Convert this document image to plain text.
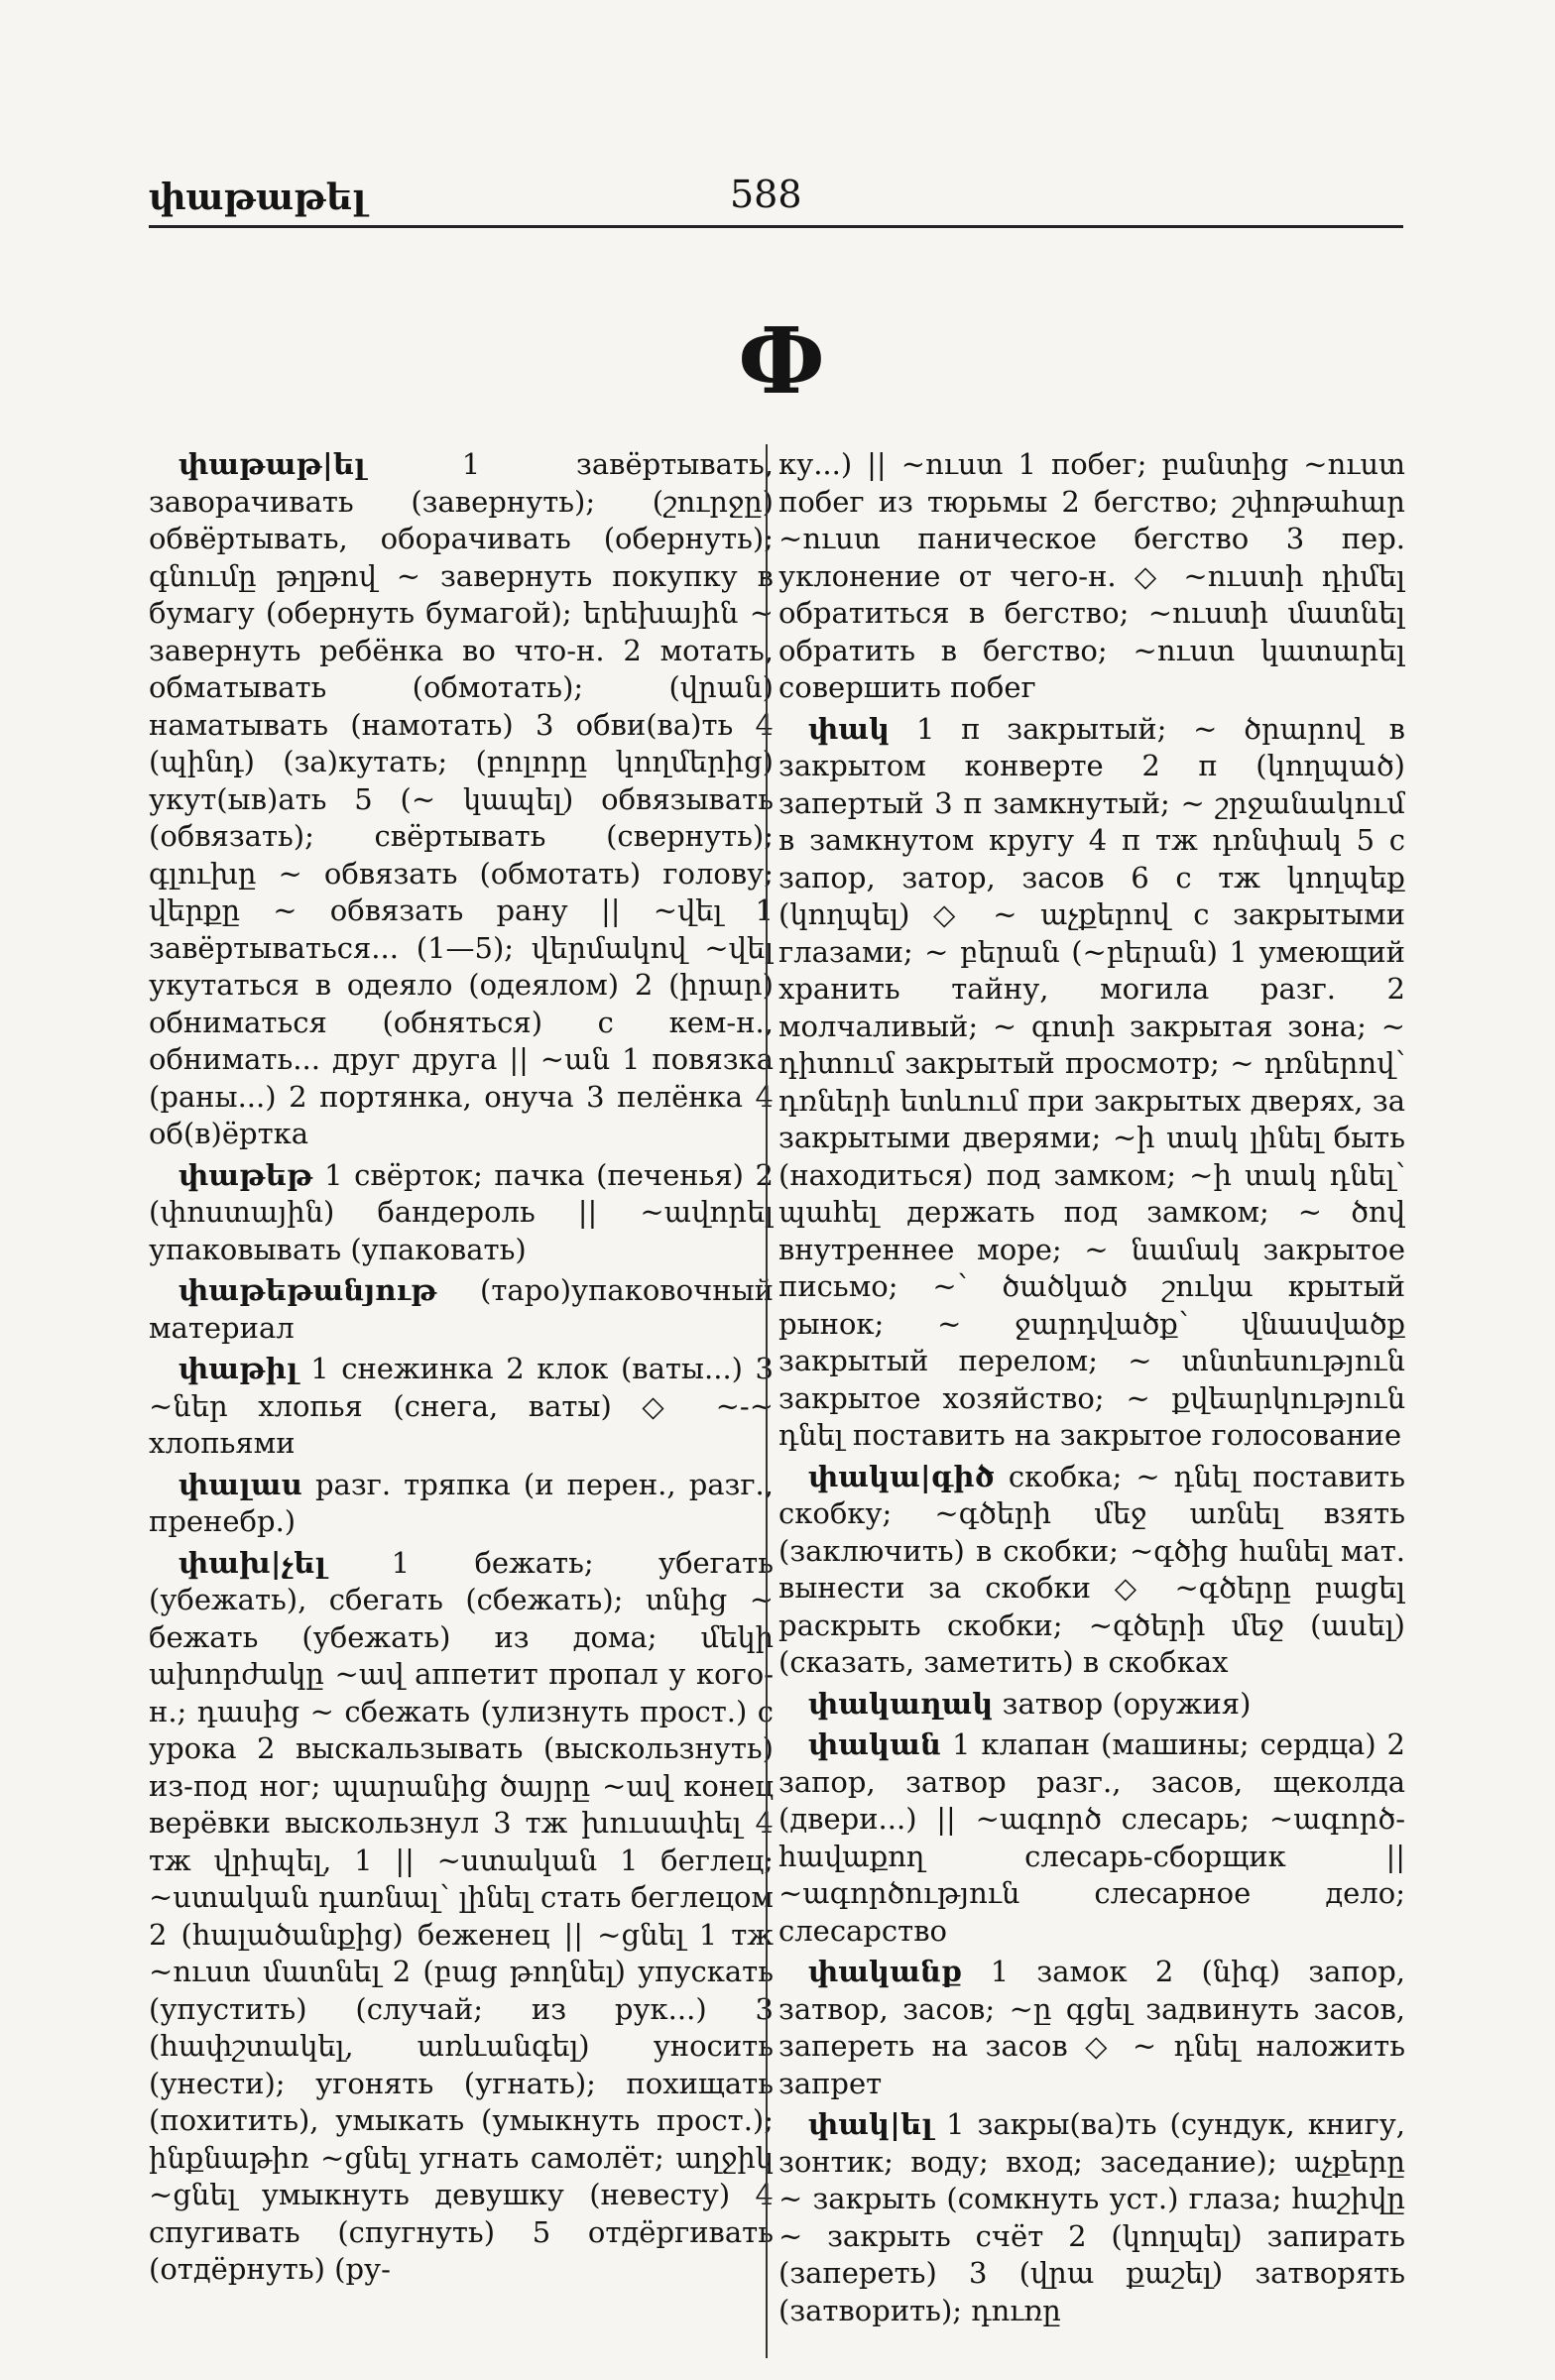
փաթաթել	588
Փ

փաթաթ|ել 1 завёртывать, заворачивать (завернуть); (շուրջը) обвёртывать, оборачивать (обернуть); գնումը թղթով ~ завернуть покупку в бумагу (обернуть бумагой); երեխային ~ завернуть ребёнка во что-н. 2 мотать, обматывать (обмотать); (վրան) наматывать (намотать) 3 обви(ва)ть 4 (պինդ) (за)кутать; (բոլորը կողմերից) укут(ыв)ать 5 (~ կապել) обвязывать (обвязать); свёртывать (свернуть); գլուխը ~ обвязать (обмотать) голову; վերքը ~ обвязать рану || ~վել 1 завёртываться... (1—5); վերմակով ~վել укутаться в одеяло (одеялом) 2 (իրար) обниматься (обняться) с кем-н., обнимать... друг друга || ~ան 1 повязка (раны...) 2 портянка, онуча 3 пелёнка 4 об(в)ёртка

փաթեթ 1 свёрток; пачка (печенья) 2 (փոստային) бандероль || ~ավորել упаковывать (упаковать)

փաթեթանյութ (таро)упаковочный материал

փաթիլ 1 снежинка 2 клок (ваты...) 3 ~ներ хлопья (снега, ваты) ◇ ~-~ хлопьями

փալաս разг. тряпка (и перен., разг., пренебр.)

փախ|չել 1 бежать; убегать (убежать), сбегать (сбежать); տնից ~ бежать (убежать) из дома; մեկի ախորժակը ~ավ аппетит пропал у кого-н.; դասից ~ сбежать (улизнуть прост.) с урока 2 выскальзывать (выскользнуть) из-под ног; պարանից ծայրը ~ավ конец верёвки выскользнул 3 тж խուսափել 4 тж վրիպել, 1 || ~ստական 1 беглец; ~ստական դառնալ՝ լինել стать беглецом 2 (հալածանքից) беженец || ~ցնել 1 тж ~ուստ մատնել 2 (բաց թողնել) упускать (упустить) (случай; из рук...) 3 (հափշտակել, առևանգել) уносить (унести); угонять (угнать); похищать (похитить), умыкать (умыкнуть прост.); ինքնաթիռ ~ցնել угнать самолёт; աղջիկ ~ցնել умыкнуть девушку (невесту) 4 спугивать (спугнуть) 5 отдёргивать (отдёрнуть) (ру-

ку...) || ~ուստ 1 побег; բանտից ~ուստ побег из тюрьмы 2 бегство; շփոթահար ~ուստ паническое бегство 3 пер. уклонение от чего-н. ◇ ~ուստի դիմել обратиться в бегство; ~ուստի մատնել обратить в бегство; ~ուստ կատարել совершить побег

փակ 1 п закрытый; ~ ծրարով в закрытом конверте 2 п (կողպած) запертый 3 п замкнутый; ~ շրջանակում в замкнутом кругу 4 п тж դռնփակ 5 с запор, затор, засов 6 с тж կողպեք (կողպել) ◇ ~ աչքերով с закрытыми глазами; ~ բերան (~բերան) 1 умеющий хранить тайну, могила разг. 2 молчаливый; ~ գոտի закрытая зона; ~ դիտում закрытый просмотр; ~ դռներով՝ դռների ետևում при закрытых дверях, за закрытыми дверями; ~ի տակ լինել быть (находиться) под замком; ~ի տակ դնել՝ պահել держать под замком; ~ ծով внутреннее море; ~ նամակ закрытое письмо; ~՝ ծածկած շուկա крытый рынок; ~ ջարդվածք՝ վնասվածք закрытый перелом; ~ տնտեսություն закрытое хозяйство; ~ քվեարկություն դնել поставить на закрытое голосование

փակա|գիծ скобка; ~ դնել поставить скобку; ~գծերի մեջ առնել взять (заключить) в скобки; ~գծից հանել мат. вынести за скобки ◇ ~գծերը բացել раскрыть скобки; ~գծերի մեջ (ասել) (сказать, заметить) в скобках

փակաղակ затвор (оружия)

փական 1 клапан (машины; сердца) 2 запор, затвор разг., засов, щеколда (двери...) || ~ագործ слесарь; ~ագործ-հավաքող слесарь-сборщик || ~ագործություն слесарное дело; слесарство

փականք 1 замок 2 (նիգ) запор, затвор, засов; ~ը գցել задвинуть засов, запереть на засов ◇ ~ դնել наложить запрет

փակ|ել 1 закры(ва)ть (сундук, книгу, зонтик; воду; вход; заседание); աչքերը ~ закрыть (сомкнуть уст.) глаза; հաշիվը ~ закрыть счёт 2 (կողպել) запирать (запереть) 3 (վրա քաշել) затворять (затворить); դուռը
